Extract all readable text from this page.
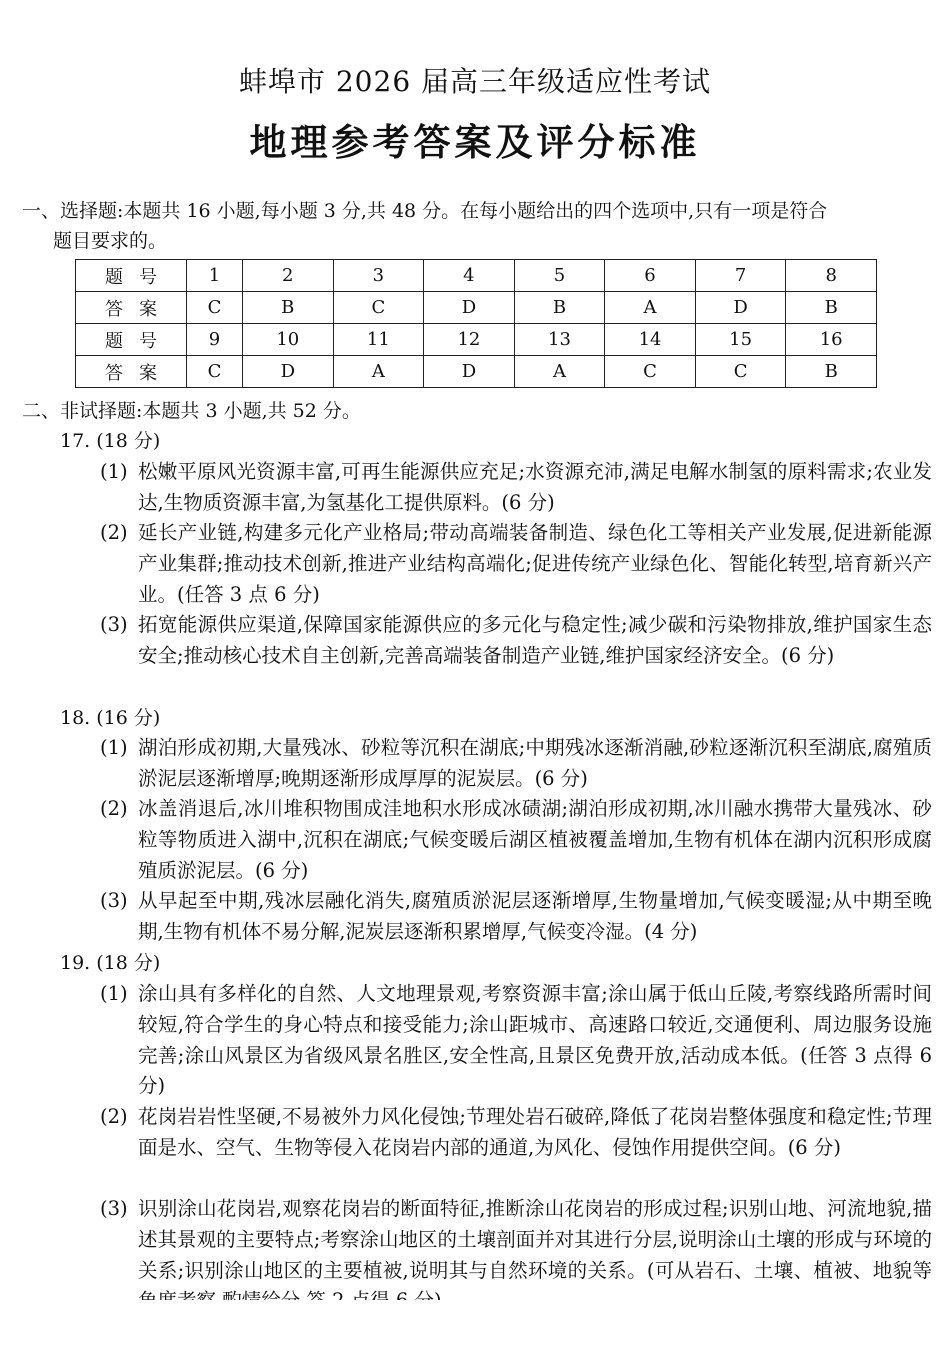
蚌埠市 2026 届高三年级适应性考试
地理参考答案及评分标准
一、选择题:本题共 16 小题,每小题 3 分,共 48 分。在每小题给出的四个选项中,只有一项是符合
题目要求的。
题号	1	2	3	4	5	6	7	8
答案	C	B	C	D	B	A	D	B
题号	9	10	11	12	13	14	15	16
答案	C	D	A	D	A	C	C	B
二、非试择题:本题共 3 小题,共 52 分。
17. (18 分)
(1) 松嫩平原风光资源丰富,可再生能源供应充足;水资源充沛,满足电解水制氢的原料需求;农业发达,生物质资源丰富,为氢基化工提供原料。(6 分)
(2) 延长产业链,构建多元化产业格局;带动高端装备制造、绿色化工等相关产业发展,促进新能源产业集群;推动技术创新,推进产业结构高端化;促进传统产业绿色化、智能化转型,培育新兴产业。(任答 3 点 6 分)
(3) 拓宽能源供应渠道,保障国家能源供应的多元化与稳定性;减少碳和污染物排放,维护国家生态安全;推动核心技术自主创新,完善高端装备制造产业链,维护国家经济安全。(6 分)
18. (16 分)
(1) 湖泊形成初期,大量残冰、砂粒等沉积在湖底;中期残冰逐渐消融,砂粒逐渐沉积至湖底,腐殖质淤泥层逐渐增厚;晚期逐渐形成厚厚的泥炭层。(6 分)
(2) 冰盖消退后,冰川堆积物围成洼地积水形成冰碛湖;湖泊形成初期,冰川融水携带大量残冰、砂粒等物质进入湖中,沉积在湖底;气候变暖后湖区植被覆盖增加,生物有机体在湖内沉积形成腐殖质淤泥层。(6 分)
(3) 从早起至中期,残冰层融化消失,腐殖质淤泥层逐渐增厚,生物量增加,气候变暖湿;从中期至晚期,生物有机体不易分解,泥炭层逐渐积累增厚,气候变冷湿。(4 分)
19. (18 分)
(1) 涂山具有多样化的自然、人文地理景观,考察资源丰富;涂山属于低山丘陵,考察线路所需时间较短,符合学生的身心特点和接受能力;涂山距城市、高速路口较近,交通便利、周边服务设施完善;涂山风景区为省级风景名胜区,安全性高,且景区免费开放,活动成本低。(任答 3 点得 6 分)
(2) 花岗岩岩性坚硬,不易被外力风化侵蚀;节理处岩石破碎,降低了花岗岩整体强度和稳定性;节理面是水、空气、生物等侵入花岗岩内部的通道,为风化、侵蚀作用提供空间。(6 分)
(3) 识别涂山花岗岩,观察花岗岩的断面特征,推断涂山花岗岩的形成过程;识别山地、河流地貌,描述其景观的主要特点;考察涂山地区的土壤剖面并对其进行分层,说明涂山土壤的形成与环境的关系;识别涂山地区的主要植被,说明其与自然环境的关系。(可从岩石、土壤、植被、地貌等
